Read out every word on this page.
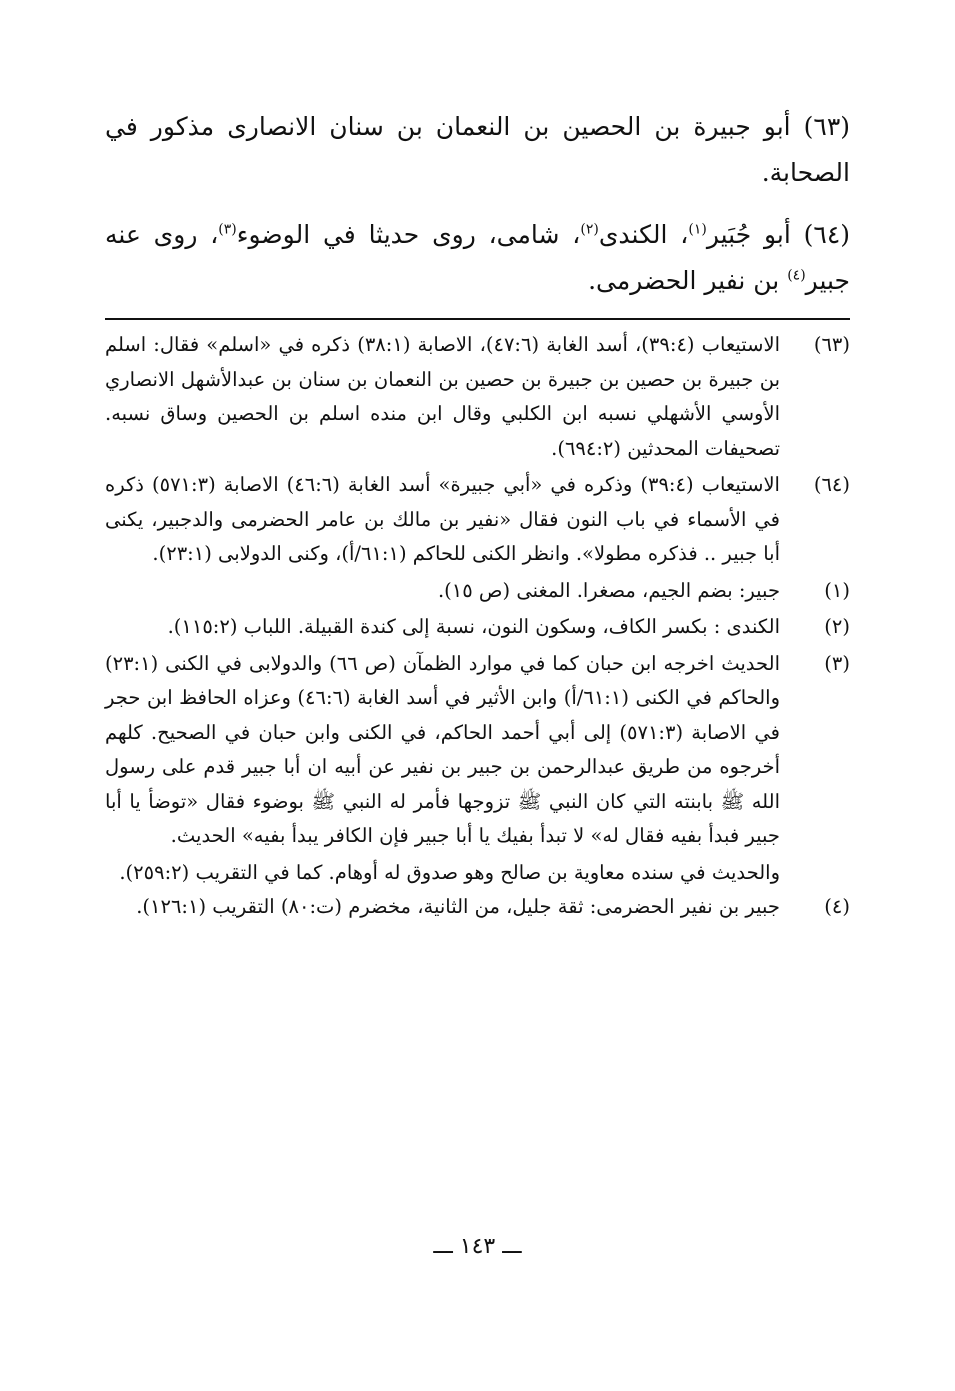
(٦٣) أبو جبيرة بن الحصين بن النعمان بن سنان الانصارى مذكور في الصحابة.
(٦٤) أبو جُبَير$^{(١)}$، الكندى$^{(٢)}$، شامى، روى حديثا في الوضوء$^{(٣)}$، روى عنه جبير$^{(٤)}$ بن نفير الحضرمى.
(٦٣)
الاستيعاب (٣٩:٤)، أسد الغابة (٤٧:٦)، الاصابة (٣٨:١) ذكره في «اسلم» فقال: اسلم بن جبيرة بن حصين بن جبيرة بن حصين بن النعمان بن سنان بن عبدالأشهل الانصاري الأوسي الأشهلي نسبه ابن الكلبي وقال ابن منده اسلم بن الحصين وساق نسبه. تصحيفات المحدثين (٦٩٤:٢).
(٦٤)
الاستيعاب (٣٩:٤) وذكره في «أبي جبيرة» أسد الغابة (٤٦:٦) الاصابة (٥٧١:٣) ذكره في الأسماء في باب النون فقال «نفير بن مالك بن عامر الحضرمى والدجبير، يكنى أبا جبير .. فذكره مطولا». وانظر الكنى للحاكم (٦١:١/أ)، وكنى الدولابى (٢٣:١).
(١)
جبير: بضم الجيم، مصغرا. المغنى (ص ١٥).
(٢)
الكندى : بكسر الكاف، وسكون النون، نسبة إلى كندة القبيلة. اللباب (١١٥:٢).
(٣)
الحديث اخرجه ابن حبان كما في موارد الظمآن (ص ٦٦) والدولابى في الكنى (٢٣:١) والحاكم في الكنى (٦١:١/أ) وابن الأثير في أسد الغابة (٤٦:٦) وعزاه الحافظ ابن حجر في الاصابة (٥٧١:٣) إلى أبي أحمد الحاكم، في الكنى وابن حبان في الصحيح. كلهم أخرجوه من طريق عبدالرحمن بن جبير بن نفير عن أبيه ان أبا جبير قدم على رسول الله ﷺ بابنته التي كان النبي ﷺ تزوجها فأمر له النبي ﷺ بوضوء فقال «توضأ يا أبا جبير فبدأ بفيه فقال له» لا تبدأ بفيك يا أبا جبير فإن الكافر يبدأ بفيه» الحديث.
والحديث في سنده معاوية بن صالح وهو صدوق له أوهام. كما في التقريب (٢٥٩:٢).
(٤)
جبير بن نفير الحضرمى: ثقة جليل، من الثانية، مخضرم (ت:٨٠) التقريب (١٢٦:١).
ـــ ١٤٣ ـــ
